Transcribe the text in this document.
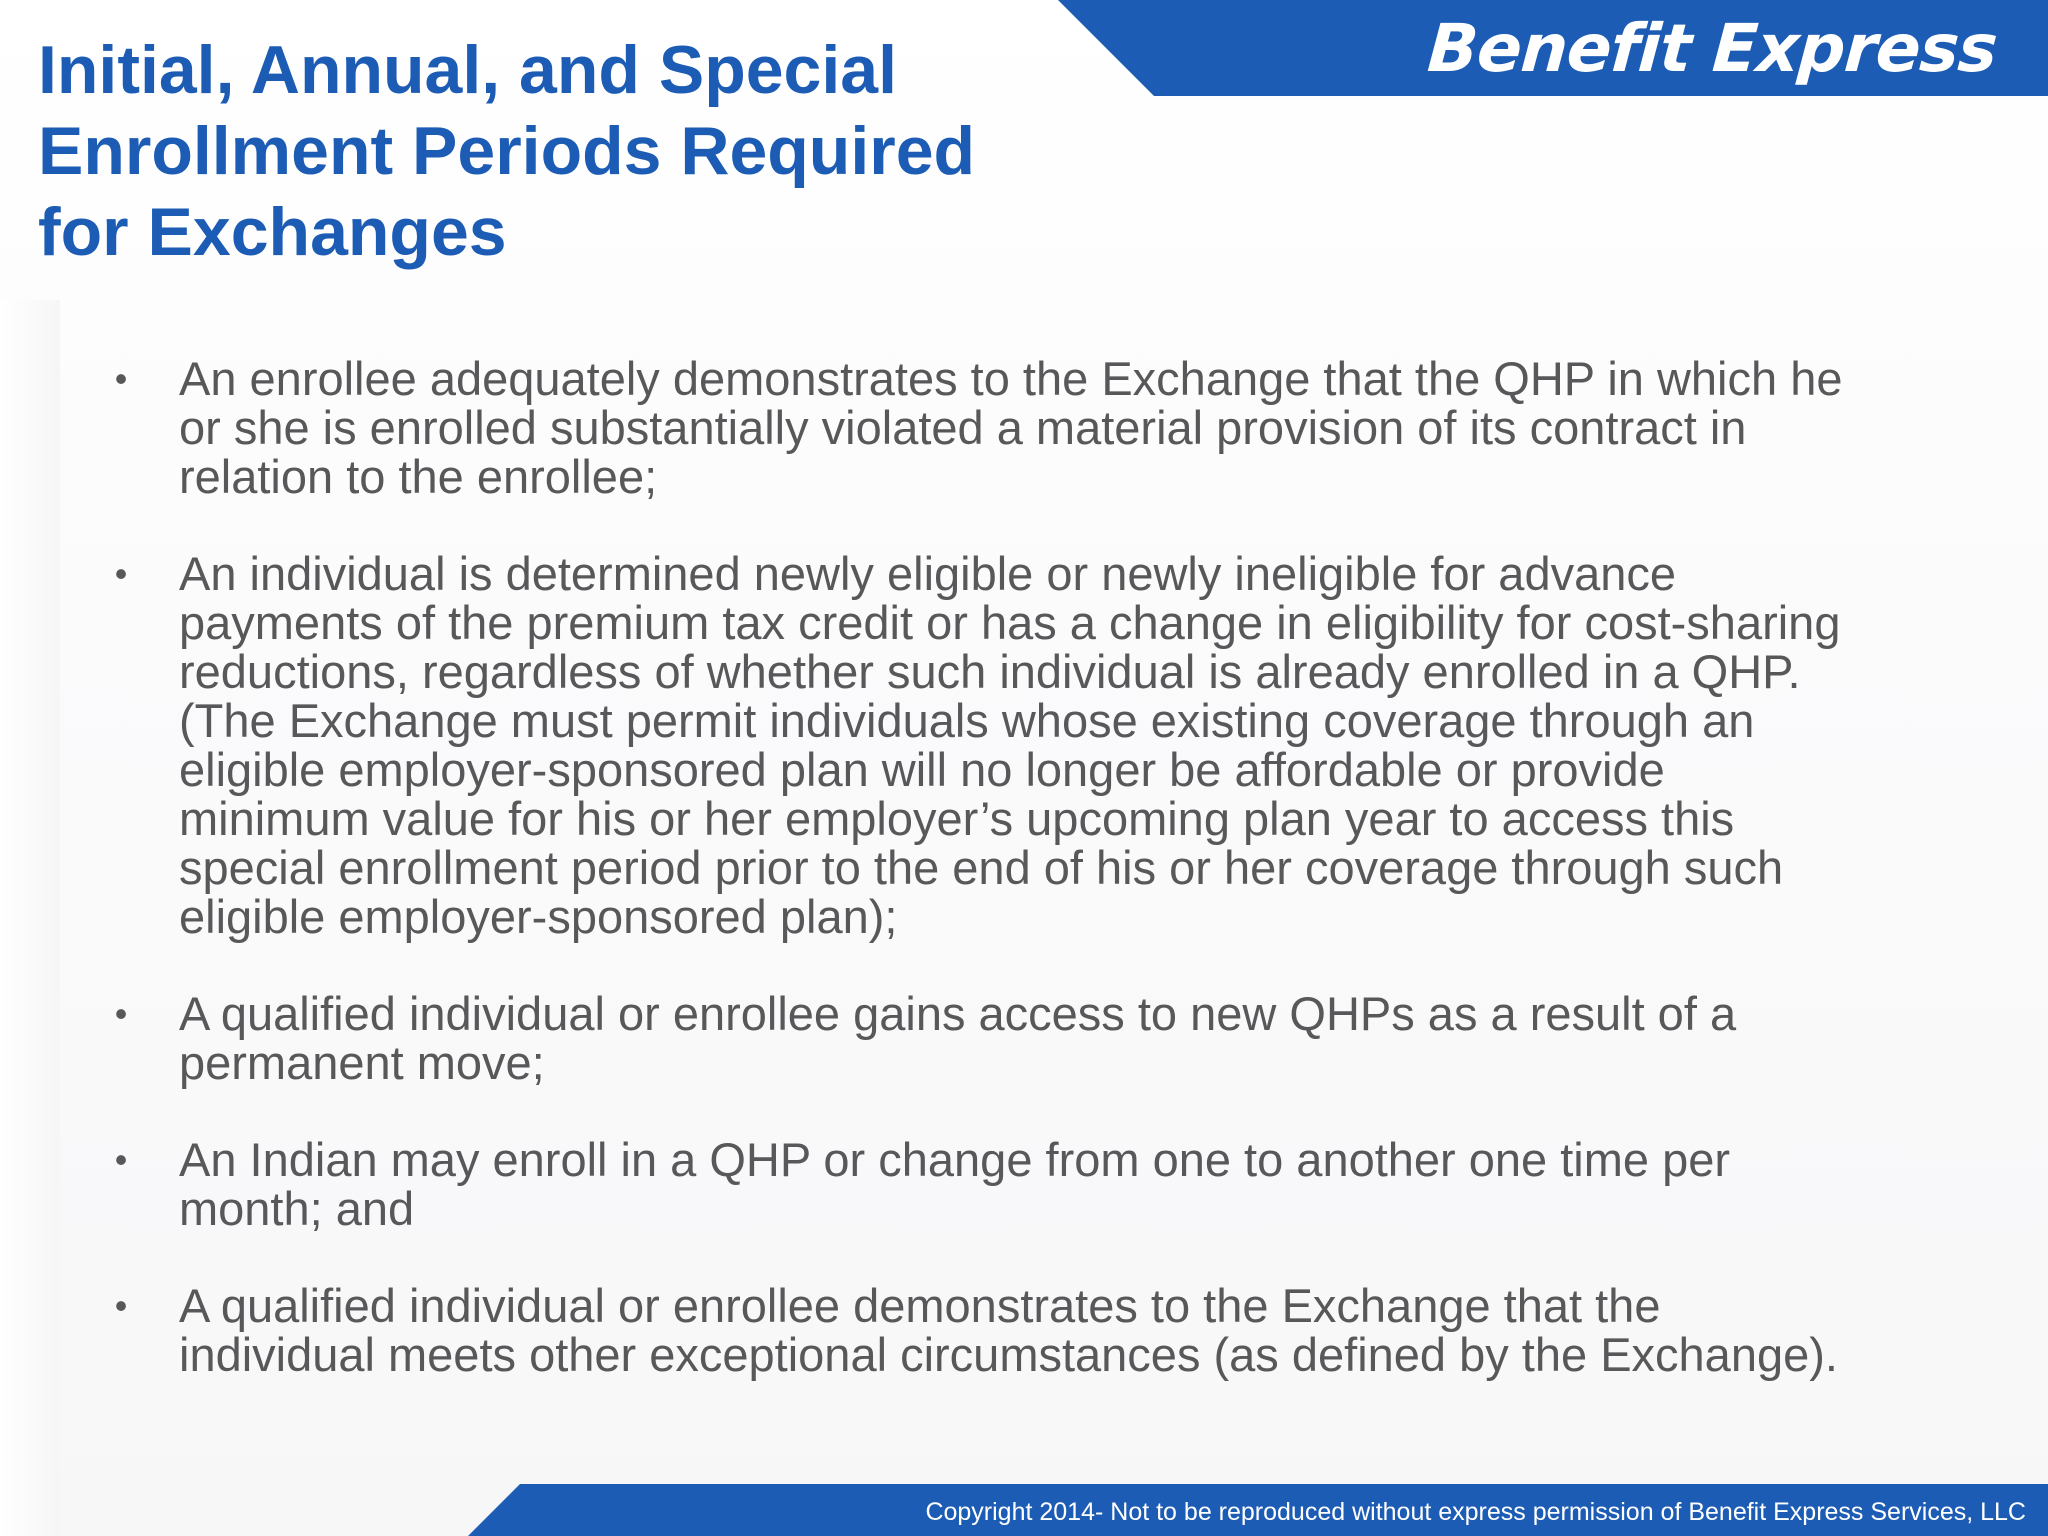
Benefit Express
Initial, Annual, and Special
Enrollment Periods Required
for Exchanges
• An enrollee adequately demonstrates to the Exchange that the QHP in which he
or she is enrolled substantially violated a material provision of its contract in
relation to the enrollee;
• An individual is determined newly eligible or newly ineligible for advance
payments of the premium tax credit or has a change in eligibility for cost-sharing
reductions, regardless of whether such individual is already enrolled in a QHP.
(The Exchange must permit individuals whose existing coverage through an
eligible employer-sponsored plan will no longer be affordable or provide
minimum value for his or her employer’s upcoming plan year to access this
special enrollment period prior to the end of his or her coverage through such
eligible employer-sponsored plan);
• A qualified individual or enrollee gains access to new QHPs as a result of a
permanent move;
• An Indian may enroll in a QHP or change from one to another one time per
month; and
• A qualified individual or enrollee demonstrates to the Exchange that the
individual meets other exceptional circumstances (as defined by the Exchange).
Copyright 2014- Not to be reproduced without express permission of Benefit Express Services, LLC
